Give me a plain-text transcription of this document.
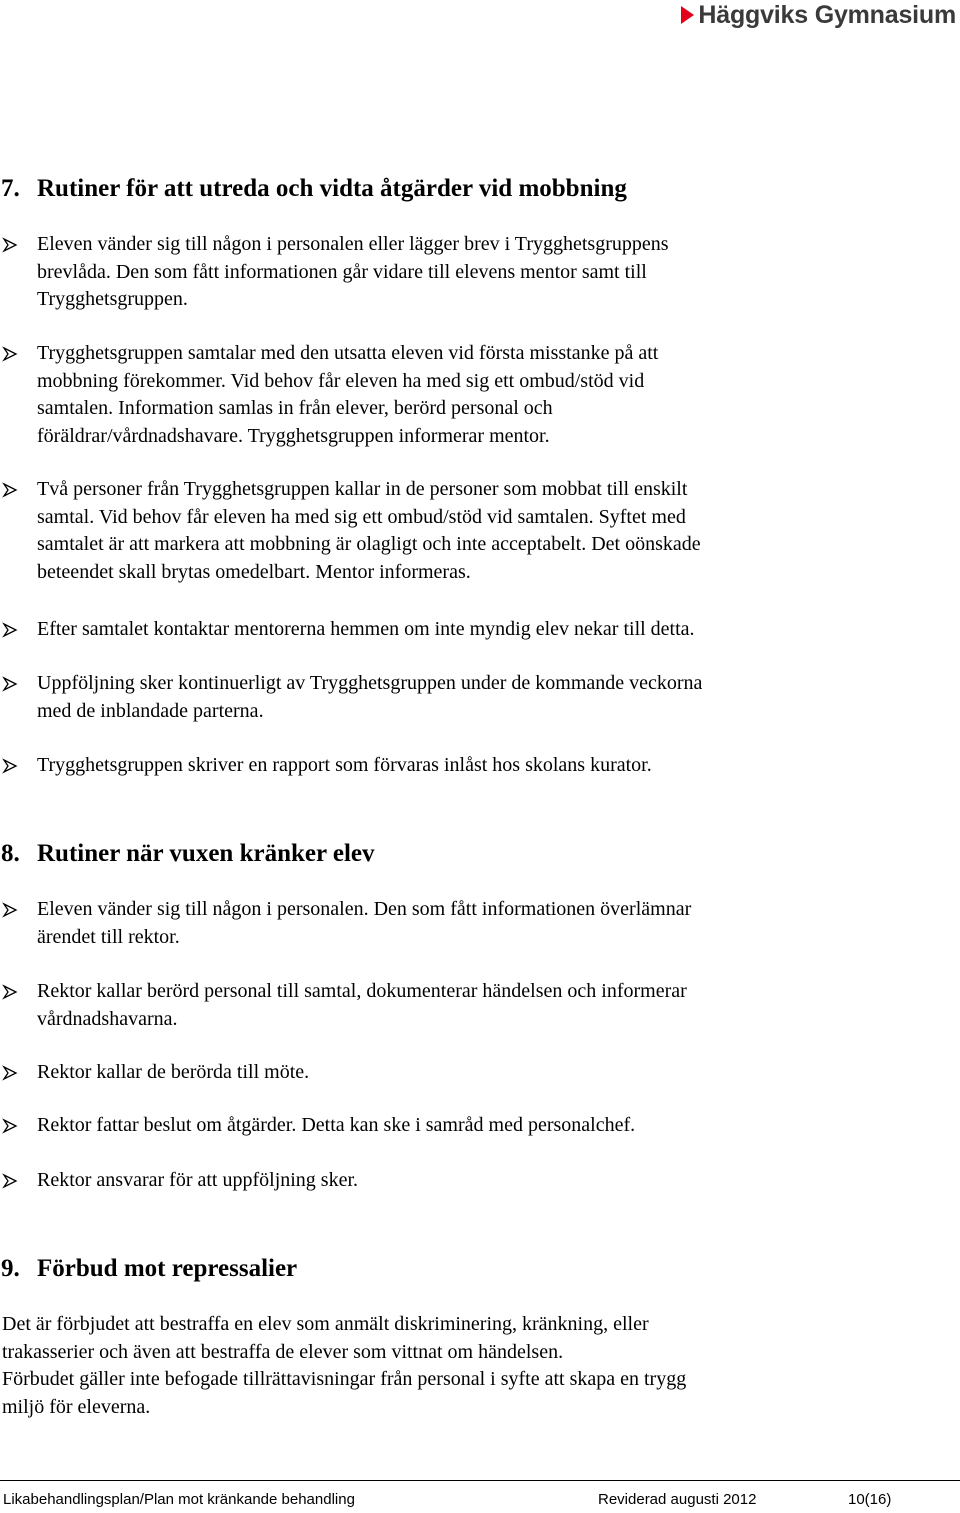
Häggviks Gymnasium
7. Rutiner för att utreda och vidta åtgärder vid mobbning
Eleven vänder sig till någon i personalen eller lägger brev i Trygghetsgruppens
brevlåda. Den som fått informationen går vidare till elevens mentor samt till
Trygghetsgruppen.
Trygghetsgruppen samtalar med den utsatta eleven vid första misstanke på att
mobbning förekommer. Vid behov får eleven ha med sig ett ombud/stöd vid
samtalen. Information samlas in från elever, berörd personal och
föräldrar/vårdnadshavare. Trygghetsgruppen informerar mentor.
Två personer från Trygghetsgruppen kallar in de personer som mobbat till enskilt
samtal. Vid behov får eleven ha med sig ett ombud/stöd vid samtalen. Syftet med
samtalet är att markera att mobbning är olagligt och inte acceptabelt. Det oönskade
beteendet skall brytas omedelbart. Mentor informeras.
Efter samtalet kontaktar mentorerna hemmen om inte myndig elev nekar till detta.
Uppföljning sker kontinuerligt av Trygghetsgruppen under de kommande veckorna
med de inblandade parterna.
Trygghetsgruppen skriver en rapport som förvaras inlåst hos skolans kurator.
8. Rutiner när vuxen kränker elev
Eleven vänder sig till någon i personalen. Den som fått informationen överlämnar
ärendet till rektor.
Rektor kallar berörd personal till samtal, dokumenterar händelsen och informerar
vårdnadshavarna.
Rektor kallar de berörda till möte.
Rektor fattar beslut om åtgärder. Detta kan ske i samråd med personalchef.
Rektor ansvarar för att uppföljning sker.
9. Förbud mot repressalier
Det är förbjudet att bestraffa en elev som anmält diskriminering, kränkning, eller
trakasserier och även att bestraffa de elever som vittnat om händelsen.
Förbudet gäller inte befogade tillrättavisningar från personal i syfte att skapa en trygg
miljö för eleverna.
Likabehandlingsplan/Plan mot kränkande behandling	Reviderad augusti 2012	10(16)
